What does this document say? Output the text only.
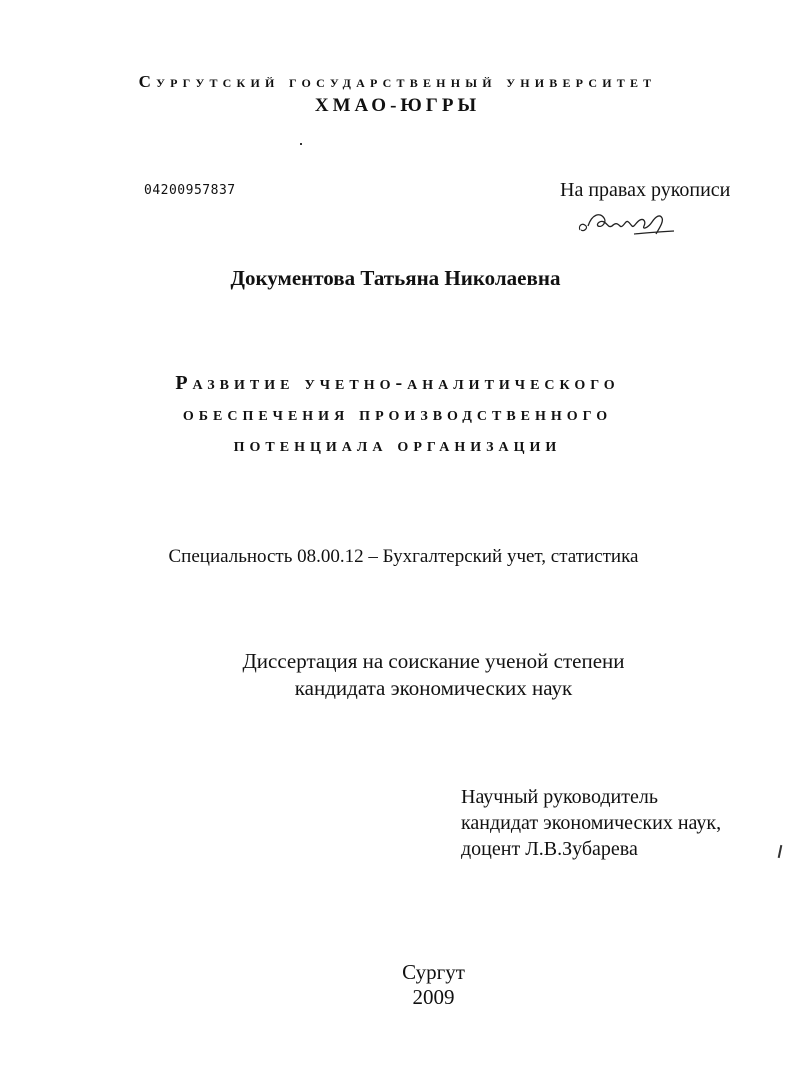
Сургутский государственный университет
ХМАО-ЮГРЫ
04200957837	На правах рукописи
Документова Татьяна Николаевна
Развитие учетно-аналитического
обеспечения производственного
потенциала организации
Специальность 08.00.12 – Бухгалтерский учет, статистика
Диссертация на соискание ученой степени
кандидата экономических наук
Научный руководитель
кандидат экономических наук,
доцент Л.В.Зубарева
Сургут
2009
